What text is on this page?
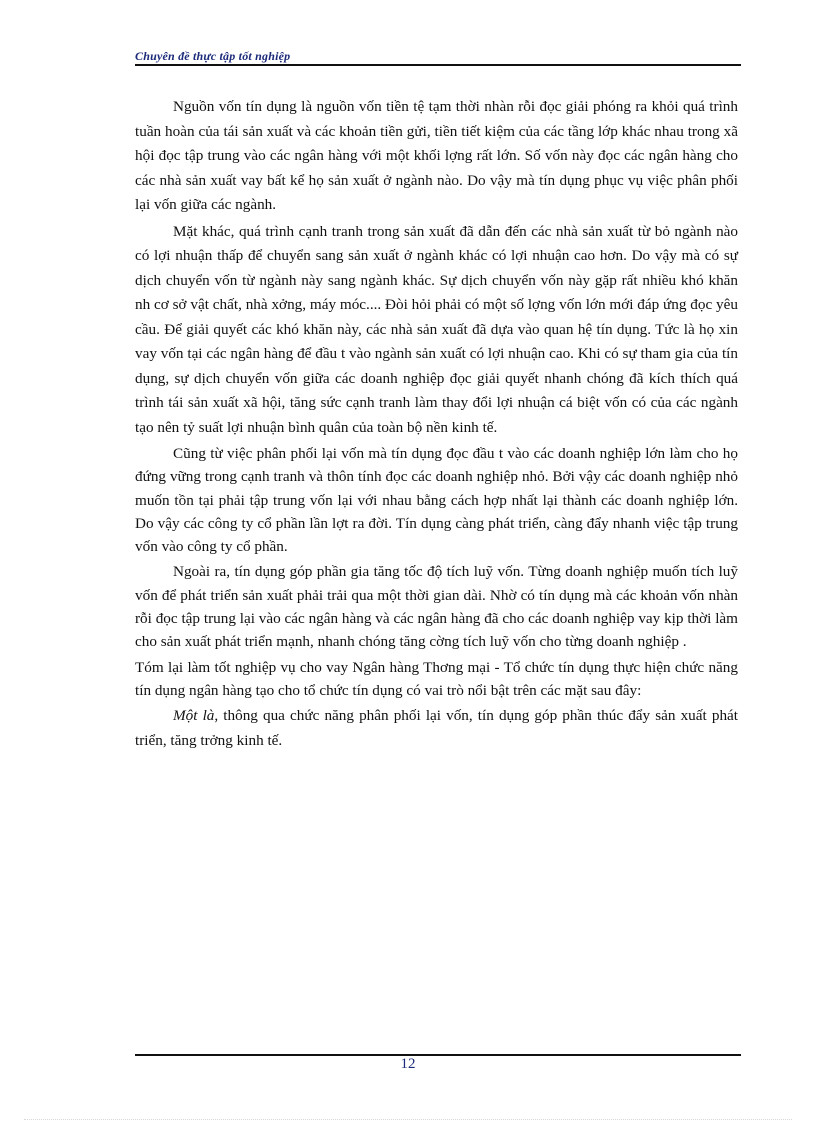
Chuyên đề thực tập tốt nghiệp

Nguồn vốn tín dụng là nguồn vốn tiền tệ tạm thời nhàn rỗi đọc giải phóng ra khỏi quá trình tuần hoàn của tái sản xuất và các khoản tiền gửi, tiền tiết kiệm của các tầng lớp khác nhau trong xã hội đọc tập trung vào các ngân hàng với một khối lợng rất lớn. Số vốn này đọc các ngân hàng cho các nhà sản xuất vay bất kể họ sản xuất ở ngành nào. Do vậy mà tín dụng phục vụ việc phân phối lại vốn giữa các ngành.

Mặt khác, quá trình cạnh tranh trong sản xuất đã dẫn đến các nhà sản xuất từ bỏ ngành nào có lợi nhuận thấp để chuyển sang sản xuất ở ngành khác có lợi nhuận cao hơn. Do vậy mà có sự dịch chuyển vốn từ ngành này sang ngành khác. Sự dịch chuyển vốn này gặp rất nhiều khó khăn nh cơ sở vật chất, nhà xởng, máy móc.... Đòi hỏi phải có một số lợng vốn lớn mới đáp ứng đọc yêu cầu. Để giải quyết các khó khăn này, các nhà sản xuất đã dựa vào quan hệ tín dụng. Tức là họ xin vay vốn tại các ngân hàng để đầu t vào ngành sản xuất có lợi nhuận cao. Khi có sự tham gia của tín dụng, sự dịch chuyển vốn giữa các doanh nghiệp đọc giải quyết nhanh chóng đã kích thích quá trình tái sản xuất xã hội, tăng sức cạnh tranh làm thay đổi lợi nhuận cá biệt vốn có của các ngành tạo nên tỷ suất lợi nhuận bình quân của toàn bộ nền kinh tế.

Cũng từ việc phân phối lại vốn mà tín dụng đọc đầu t vào các doanh nghiệp lớn làm cho họ đứng vững trong cạnh tranh và thôn tính đọc các doanh nghiệp nhỏ. Bởi vậy các doanh nghiệp nhỏ muốn tồn tại phải tập trung vốn lại với nhau bằng cách hợp nhất lại thành các doanh nghiệp lớn. Do vậy các công ty cổ phần lần lợt ra đời. Tín dụng càng phát triển, càng đẩy nhanh việc tập trung vốn vào công ty cổ phần.

Ngoài ra, tín dụng góp phần gia tăng tốc độ tích luỹ vốn. Từng doanh nghiệp muốn tích luỹ vốn để phát triển sản xuất phải trải qua một thời gian dài. Nhờ có tín dụng mà các khoản vốn nhàn rỗi đọc tập trung lại vào các ngân hàng và các ngân hàng đã cho các doanh nghiệp vay kịp thời làm cho sản xuất phát triển mạnh, nhanh chóng tăng cờng tích luỹ vốn cho từng doanh nghiệp .

Tóm lại làm tốt nghiệp vụ cho vay Ngân hàng Thơng mại - Tổ chức tín dụng thực hiện chức năng tín dụng ngân hàng tạo cho tổ chức tín dụng có vai trò nổi bật trên các mặt sau đây:

Một là, thông qua chức năng phân phối lại vốn, tín dụng góp phần thúc đẩy sản xuất phát triển, tăng trởng kinh tế.

12
